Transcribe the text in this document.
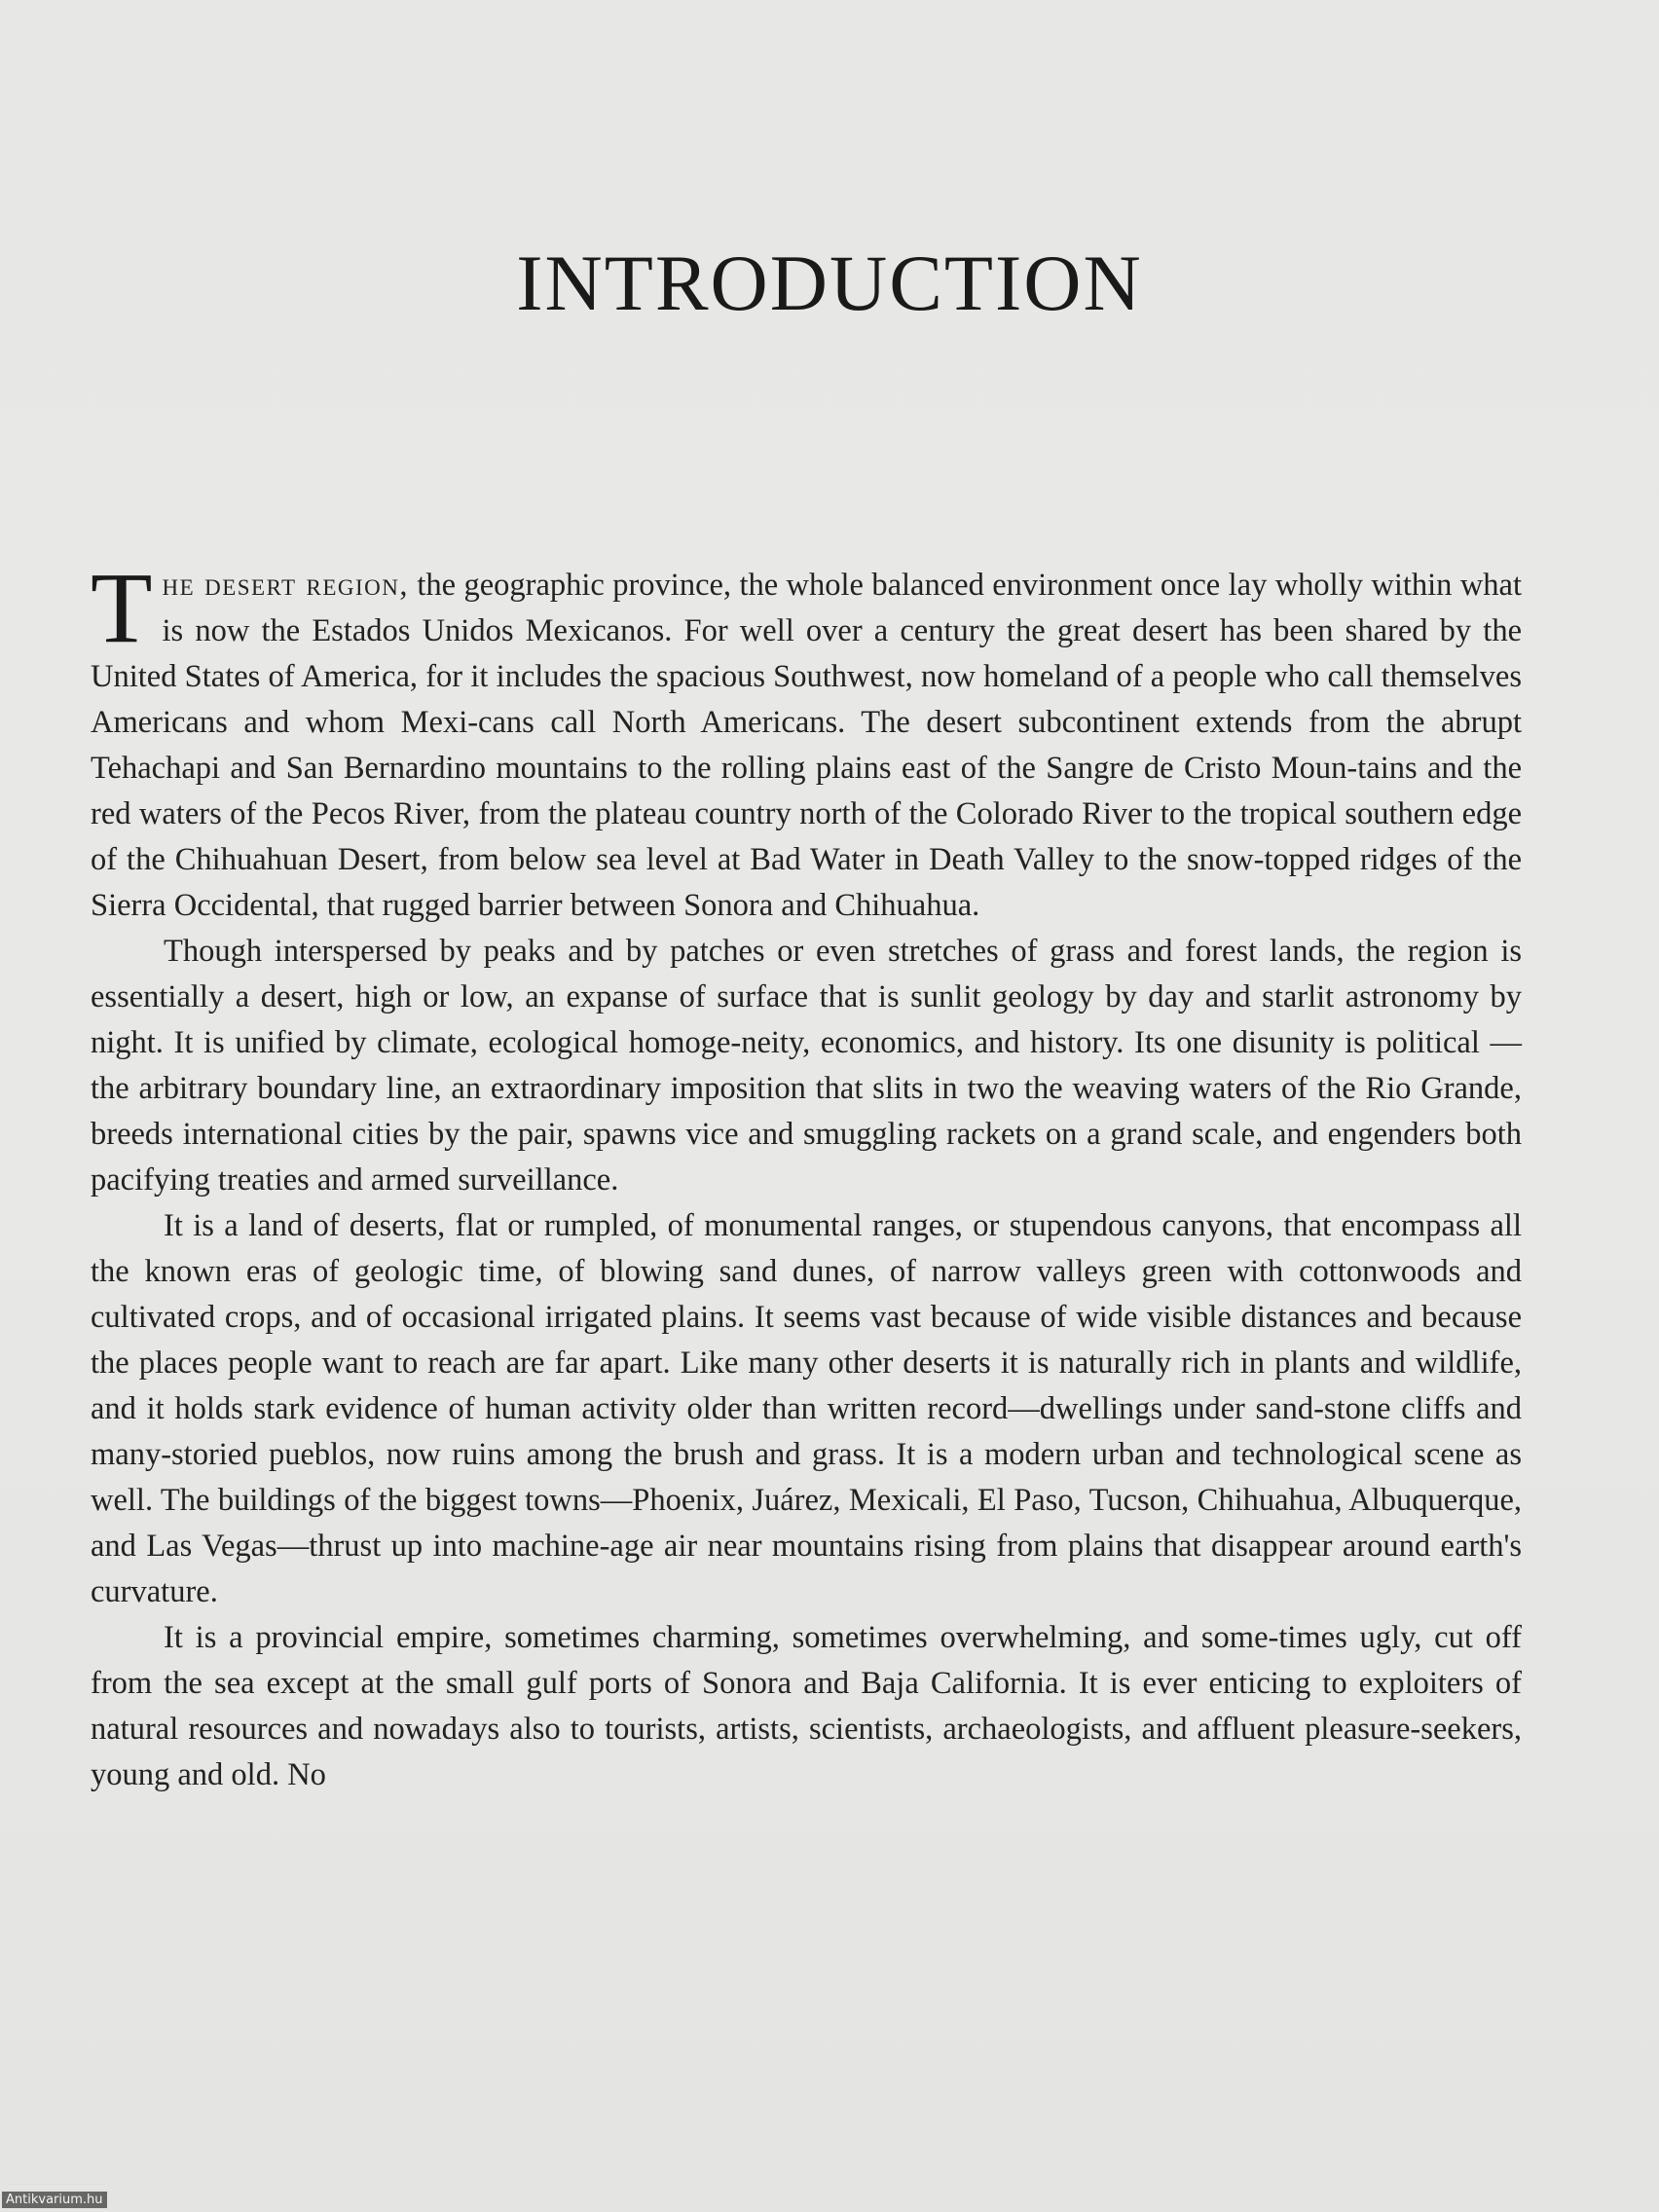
INTRODUCTION

The desert region, the geographic province, the whole balanced environment once lay wholly within what is now the Estados Unidos Mexicanos. For well over a century the great desert has been shared by the United States of America, for it includes the spacious Southwest, now homeland of a people who call themselves Americans and whom Mexi-cans call North Americans. The desert subcontinent extends from the abrupt Tehachapi and San Bernardino mountains to the rolling plains east of the Sangre de Cristo Moun-tains and the red waters of the Pecos River, from the plateau country north of the Colorado River to the tropical southern edge of the Chihuahuan Desert, from below sea level at Bad Water in Death Valley to the snow-topped ridges of the Sierra Occidental, that rugged barrier between Sonora and Chihuahua.

Though interspersed by peaks and by patches or even stretches of grass and forest lands, the region is essentially a desert, high or low, an expanse of surface that is sunlit geology by day and starlit astronomy by night. It is unified by climate, ecological homoge-neity, economics, and history. Its one disunity is political — the arbitrary boundary line, an extraordinary imposition that slits in two the weaving waters of the Rio Grande, breeds international cities by the pair, spawns vice and smuggling rackets on a grand scale, and engenders both pacifying treaties and armed surveillance.

It is a land of deserts, flat or rumpled, of monumental ranges, or stupendous canyons, that encompass all the known eras of geologic time, of blowing sand dunes, of narrow valleys green with cottonwoods and cultivated crops, and of occasional irrigated plains. It seems vast because of wide visible distances and because the places people want to reach are far apart. Like many other deserts it is naturally rich in plants and wildlife, and it holds stark evidence of human activity older than written record—dwellings under sand-stone cliffs and many-storied pueblos, now ruins among the brush and grass. It is a modern urban and technological scene as well. The buildings of the biggest towns—Phoenix, Juárez, Mexicali, El Paso, Tucson, Chihuahua, Albuquerque, and Las Vegas—thrust up into machine-age air near mountains rising from plains that disappear around earth's curvature.

It is a provincial empire, sometimes charming, sometimes overwhelming, and some-times ugly, cut off from the sea except at the small gulf ports of Sonora and Baja California. It is ever enticing to exploiters of natural resources and nowadays also to tourists, artists, scientists, archaeologists, and affluent pleasure-seekers, young and old. No

Antikvarium.hu
